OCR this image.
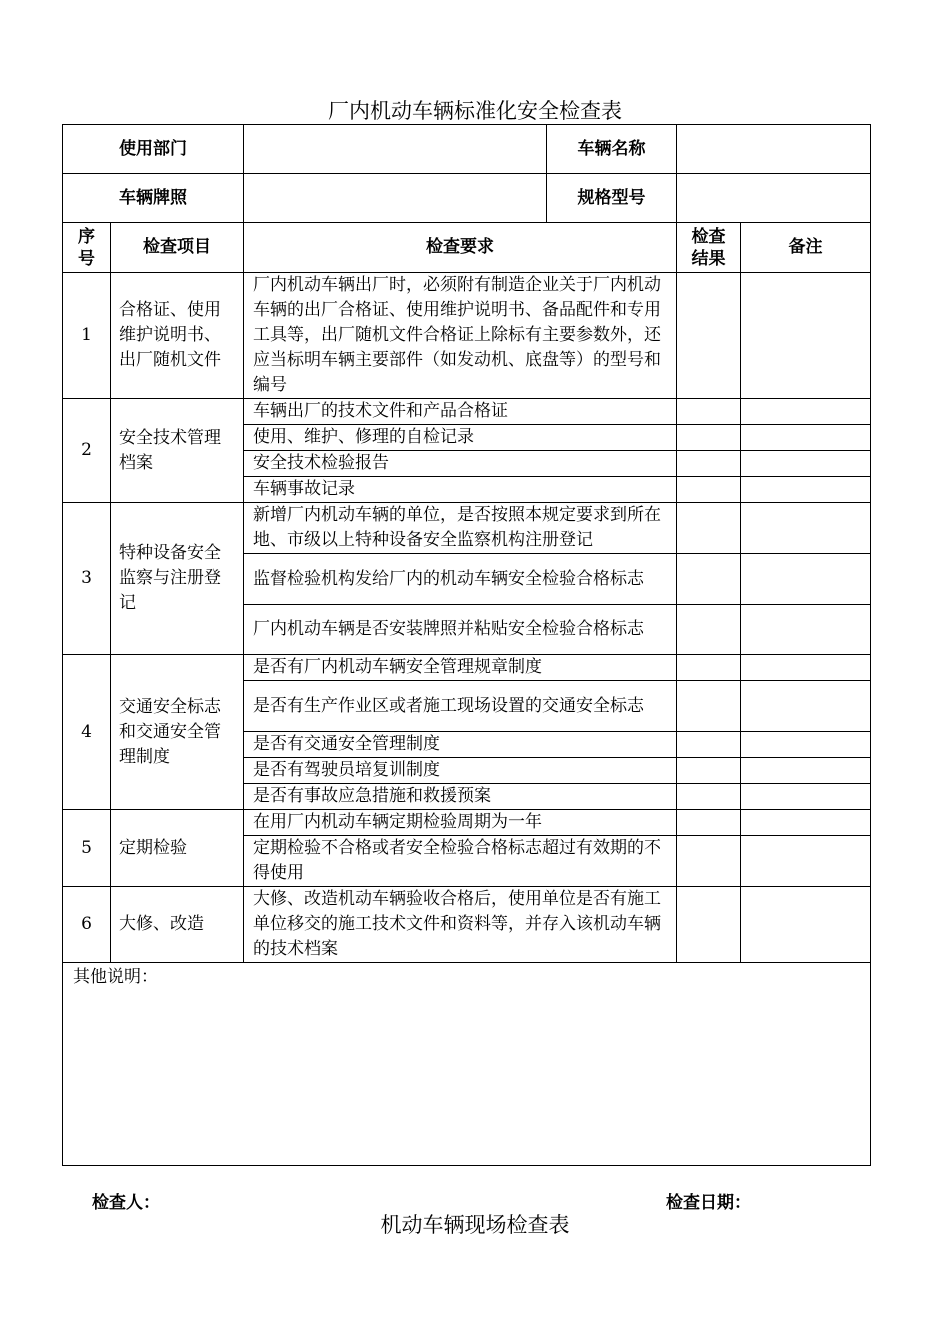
厂内机动车辆标准化安全检查表
使用部门			车辆名称		
车辆牌照			规格型号		
序号	检查项目	检查要求		检查结果	备注
1	合格证、使用维护说明书、出厂随机文件	厂内机动车辆出厂时，必须附有制造企业关于厂内机动车辆的出厂合格证、使用维护说明书、备品配件和专用工具等，出厂随机文件合格证上除标有主要参数外，还应当标明车辆主要部件（如发动机、底盘等）的型号和编号			
2	安全技术管理档案	车辆出厂的技术文件和产品合格证			
		使用、维护、修理的自检记录			
		安全技术检验报告			
		车辆事故记录			
3	特种设备安全监察与注册登记	新增厂内机动车辆的单位，是否按照本规定要求到所在地、市级以上特种设备安全监察机构注册登记			
		监督检验机构发给厂内的机动车辆安全检验合格标志			
		厂内机动车辆是否安装牌照并粘贴安全检验合格标志			
4	交通安全标志和交通安全管理制度	是否有厂内机动车辆安全管理规章制度			
		是否有生产作业区或者施工现场设置的交通安全标志			
		是否有交通安全管理制度			
		是否有驾驶员培复训制度			
		是否有事故应急措施和救援预案			
5	定期检验	在用厂内机动车辆定期检验周期为一年			
		定期检验不合格或者安全检验合格标志超过有效期的不得使用			
6	大修、改造	大修、改造机动车辆验收合格后，使用单位是否有施工单位移交的施工技术文件和资料等，并存入该机动车辆的技术档案			
其他说明：					
检查人：	检查日期：
机动车辆现场检查表
